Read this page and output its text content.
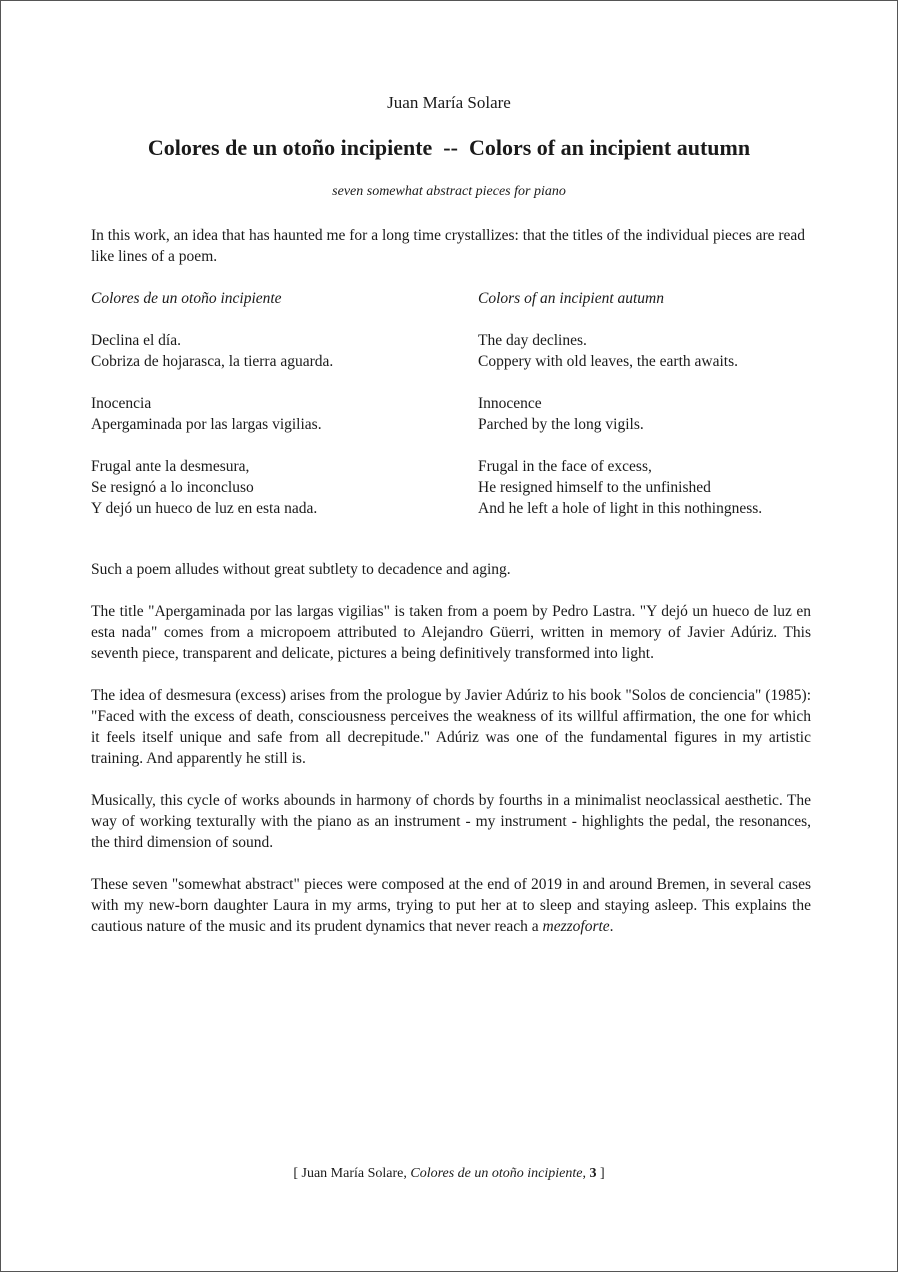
Juan María Solare
Colores de un otoño incipiente  --  Colors of an incipient autumn
seven somewhat abstract pieces for piano

In this work, an idea that has haunted me for a long time crystallizes: that the titles of the individual pieces are read like lines of a poem.

Colores de un otoño incipiente
Declina el día.
Cobriza de hojarasca, la tierra aguarda.
Inocencia
Apergaminada por las largas vigilias.
Frugal ante la desmesura,
Se resignó a lo inconcluso
Y dejó un hueco de luz en esta nada.
Colors of an incipient autumn
The day declines.
Coppery with old leaves, the earth awaits.
Innocence
Parched by the long vigils.
Frugal in the face of excess,
He resigned himself to the unfinished
And he left a hole of light in this nothingness.

Such a poem alludes without great subtlety to decadence and aging.

The title "Apergaminada por las largas vigilias" is taken from a poem by Pedro Lastra. "Y dejó un hueco de luz en esta nada" comes from a micropoem attributed to Alejandro Güerri, written in memory of Javier Adúriz. This seventh piece, transparent and delicate, pictures a being definitively transformed into light.

The idea of desmesura (excess) arises from the prologue by Javier Adúriz to his book "Solos de conciencia" (1985): "Faced with the excess of death, consciousness perceives the weakness of its willful affirmation, the one for which it feels itself unique and safe from all decrepitude." Adúriz was one of the fundamental figures in my artistic training. And apparently he still is.

Musically, this cycle of works abounds in harmony of chords by fourths in a minimalist neoclassical aesthetic. The way of working texturally with the piano as an instrument - my instrument - highlights the pedal, the resonances, the third dimension of sound.

These seven "somewhat abstract" pieces were composed at the end of 2019 in and around Bremen, in several cases with my new-born daughter Laura in my arms, trying to put her at to sleep and staying asleep. This explains the cautious nature of the music and its prudent dynamics that never reach a mezzoforte.

[ Juan María Solare, Colores de un otoño incipiente, 3 ]
